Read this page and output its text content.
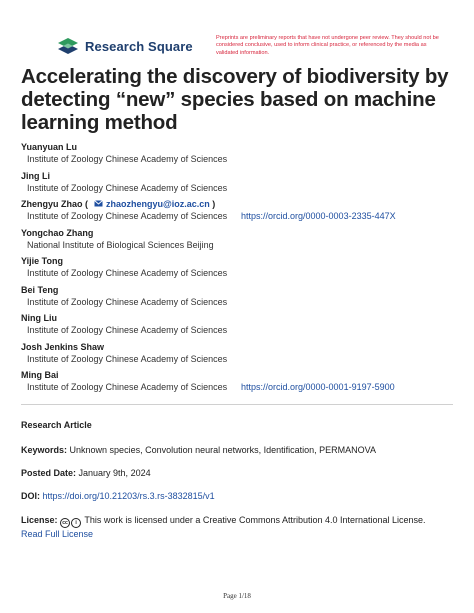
Research Square
Preprints are preliminary reports that have not undergone peer review. They should not be considered conclusive, used to inform clinical practice, or referenced by the media as validated information.
Accelerating the discovery of biodiversity by detecting “new” species based on machine learning method
Yuanyuan Lu
Institute of Zoology Chinese Academy of Sciences
Jing Li
Institute of Zoology Chinese Academy of Sciences
Zhengyu Zhao ( zhaozhengyu@ioz.ac.cn )
Institute of Zoology Chinese Academy of Sciences	https://orcid.org/0000-0003-2335-447X
Yongchao Zhang
National Institute of Biological Sciences Beijing
Yijie Tong
Institute of Zoology Chinese Academy of Sciences
Bei Teng
Institute of Zoology Chinese Academy of Sciences
Ning Liu
Institute of Zoology Chinese Academy of Sciences
Josh Jenkins Shaw
Institute of Zoology Chinese Academy of Sciences
Ming Bai
Institute of Zoology Chinese Academy of Sciences	https://orcid.org/0000-0001-9197-5900
Research Article
Keywords: Unknown species, Convolution neural networks, Identification, PERMANOVA
Posted Date: January 9th, 2024
DOI: https://doi.org/10.21203/rs.3.rs-3832815/v1
License: cc i This work is licensed under a Creative Commons Attribution 4.0 International License.
Read Full License
Page 1/18
